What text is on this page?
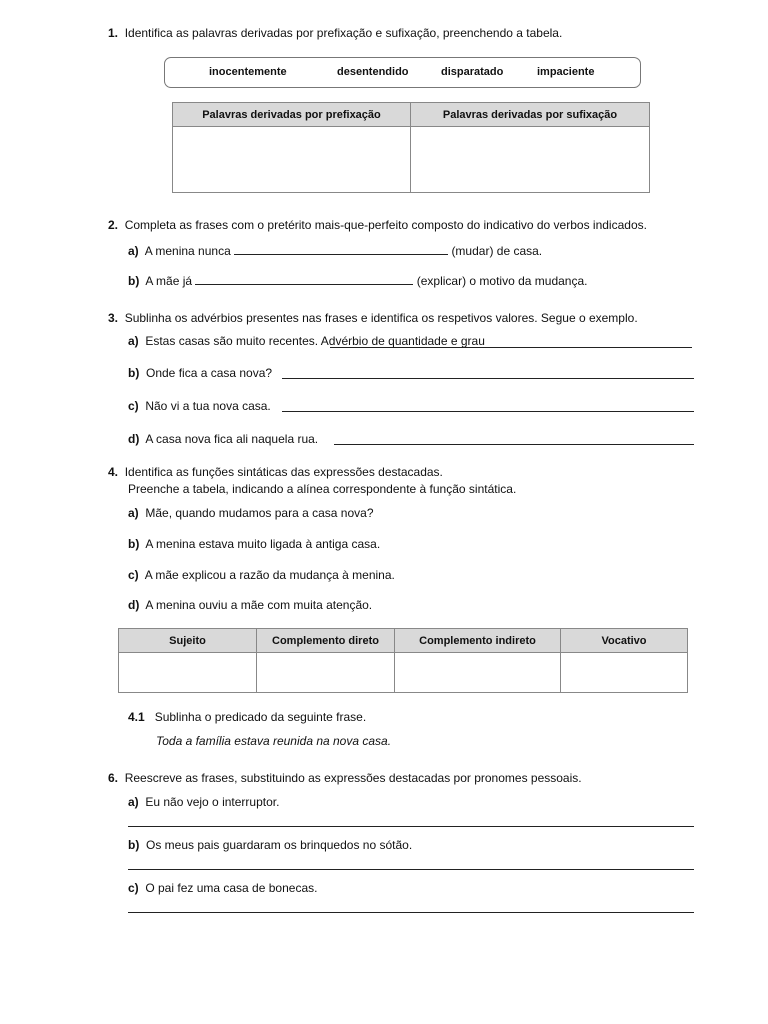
1. Identifica as palavras derivadas por prefixação e sufixação, preenchendo a tabela.
inocentemente	desentendido	disparatado	impaciente
Palavras derivadas por prefixação	Palavras derivadas por sufixação

2. Completa as frases com o pretérito mais-que-perfeito composto do indicativo do verbos indicados.
a) A menina nunca	(mudar) de casa.
b) A mãe já	(explicar) o motivo da mudança.
3. Sublinha os advérbios presentes nas frases e identifica os respetivos valores. Segue o exemplo.
a) Estas casas são muito recentes. Advérbio de quantidade e grau
b) Onde fica a casa nova?
c) Não vi a tua nova casa.
d) A casa nova fica ali naquela rua.
4. Identifica as funções sintáticas das expressões destacadas.
Preenche a tabela, indicando a alínea correspondente à função sintática.
a) Mãe, quando mudamos para a casa nova?
b) A menina estava muito ligada à antiga casa.
c) A mãe explicou a razão da mudança à menina.
d) A menina ouviu a mãe com muita atenção.
Sujeito	Complemento direto	Complemento indireto	Vocativo

4.1 Sublinha o predicado da seguinte frase.
Toda a família estava reunida na nova casa.
6. Reescreve as frases, substituindo as expressões destacadas por pronomes pessoais.
a) Eu não vejo o interruptor.
b) Os meus pais guardaram os brinquedos no sótão.
c) O pai fez uma casa de bonecas.
